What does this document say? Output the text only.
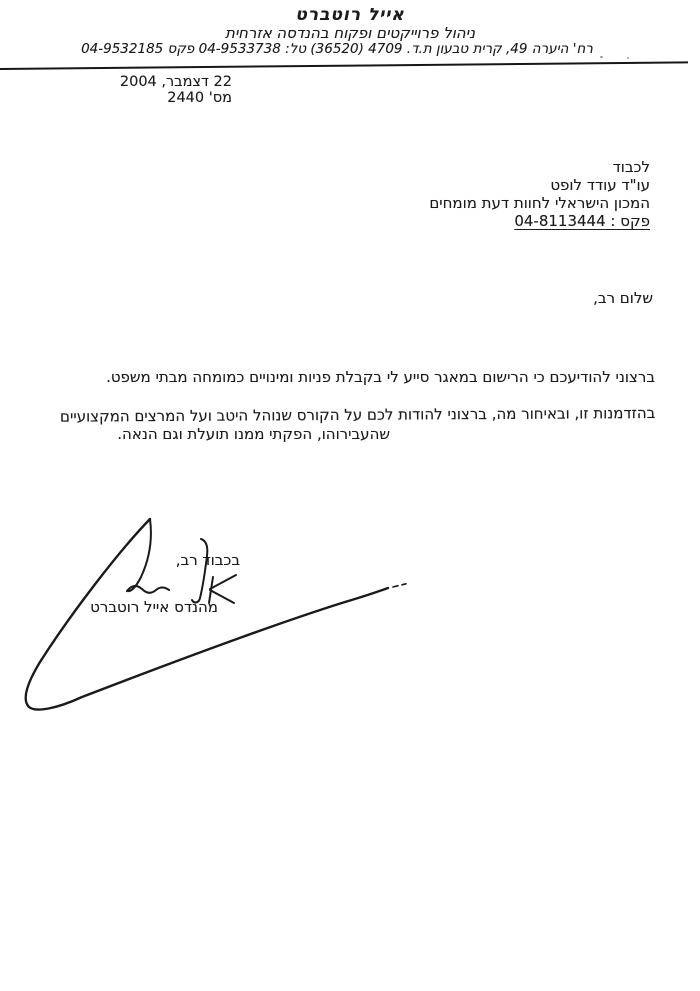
אייל רוטברט
ניהול פרוייקטים ופקוח בהנדסה אזרחית
רח' היערה 49, קרית טבעון ת.ד. 4709 (36520) טל: 04-9533738 פקס 04-9532185
22 דצמבר, 2004
מס' 2440
לכבוד
עו"ד עודד לופט
המכון הישראלי לחוות דעת מומחים
פקס : 04-8113444
שלום רב,
ברצוני להודיעכם כי הרישום במאגר סייע לי בקבלת פניות ומינויים כמומחה מבתי משפט.
בהזדמנות זו, ובאיחור מה, ברצוני להודות לכם על הקורס שנוהל היטב ועל המרצים המקצועיים
שהעבירוהו, הפקתי ממנו תועלת וגם הנאה.
בכבוד רב,
מהנדס אייל רוטברט
